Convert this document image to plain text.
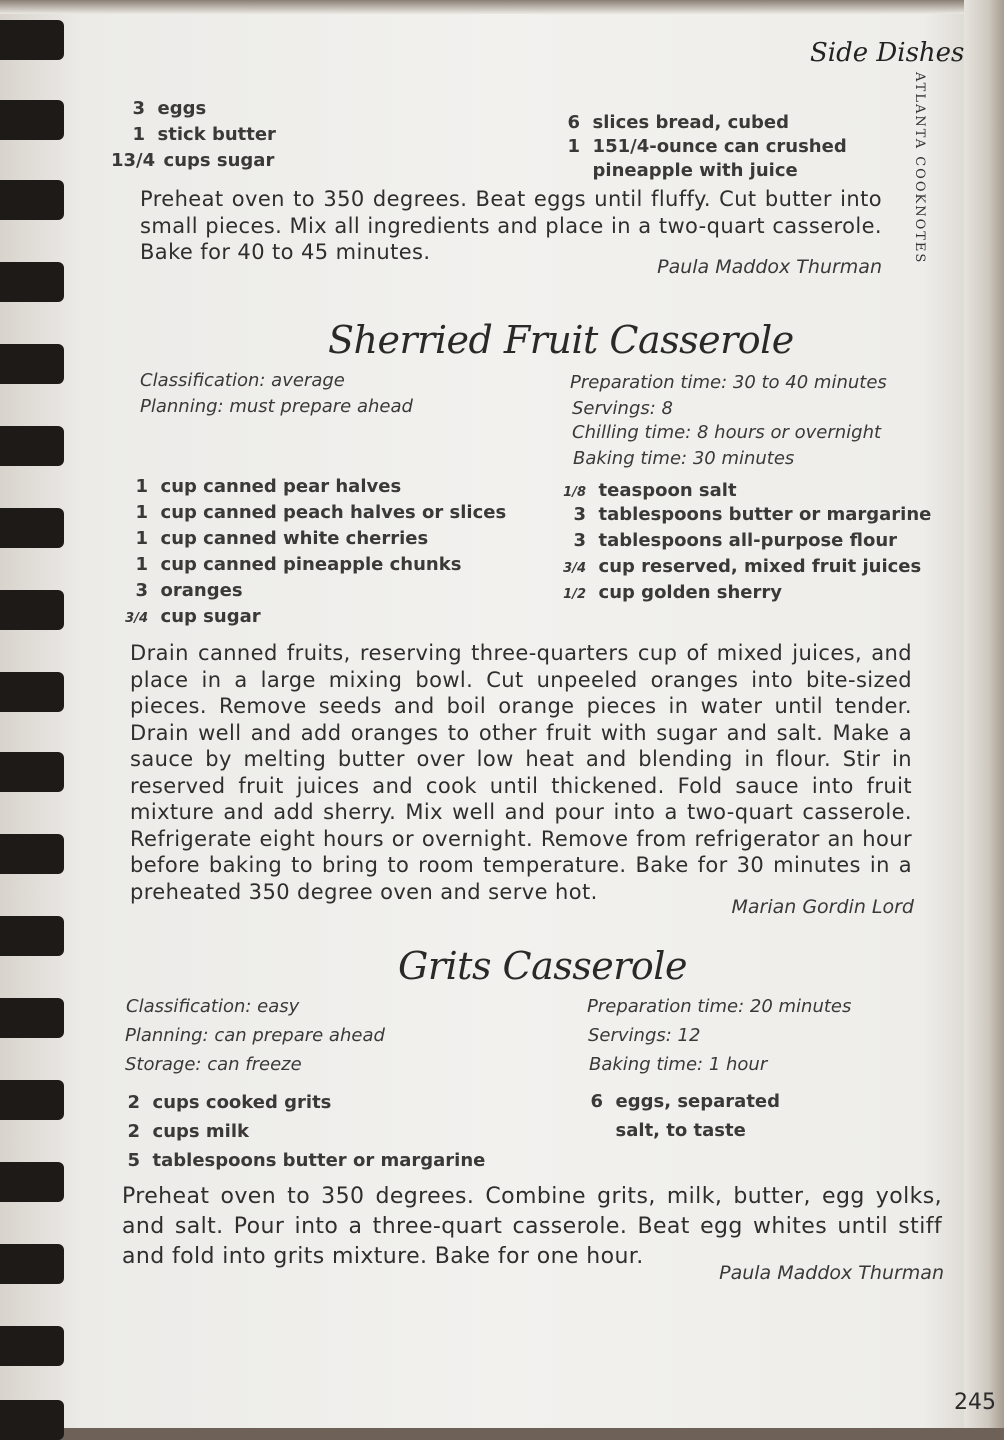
Side Dishes
ATLANTA COOKNOTES
3 eggs
1 stick butter
13/4 cups sugar
6 slices bread, cubed
1 151/4-ounce can crushed
pineapple with juice
Preheat oven to 350 degrees. Beat eggs until fluffy. Cut butter into small pieces. Mix all ingredients and place in a two-quart casserole. Bake for 40 to 45 minutes.
Paula Maddox Thurman
Sherried Fruit Casserole
Classification: average
Planning: must prepare ahead
Preparation time: 30 to 40 minutes
Servings: 8
Chilling time: 8 hours or overnight
Baking time: 30 minutes
1 cup canned pear halves
1 cup canned peach halves or slices
1 cup canned white cherries
1 cup canned pineapple chunks
3 oranges
3/4 cup sugar
1/8 teaspoon salt
3 tablespoons butter or margarine
3 tablespoons all-purpose flour
3/4 cup reserved, mixed fruit juices
1/2 cup golden sherry
Drain canned fruits, reserving three-quarters cup of mixed juices, and place in a large mixing bowl. Cut unpeeled oranges into bite-sized pieces. Remove seeds and boil orange pieces in water until tender. Drain well and add oranges to other fruit with sugar and salt. Make a sauce by melting butter over low heat and blending in flour. Stir in reserved fruit juices and cook until thickened. Fold sauce into fruit mixture and add sherry. Mix well and pour into a two-quart casserole. Refrigerate eight hours or overnight. Remove from refrigerator an hour before baking to bring to room temperature. Bake for 30 minutes in a preheated 350 degree oven and serve hot.
Marian Gordin Lord
Grits Casserole
Classification: easy
Planning: can prepare ahead
Storage: can freeze
Preparation time: 20 minutes
Servings: 12
Baking time: 1 hour
2 cups cooked grits
2 cups milk
5 tablespoons butter or margarine
6 eggs, separated
salt, to taste
Preheat oven to 350 degrees. Combine grits, milk, butter, egg yolks, and salt. Pour into a three-quart casserole. Beat egg whites until stiff and fold into grits mixture. Bake for one hour.
Paula Maddox Thurman
245
